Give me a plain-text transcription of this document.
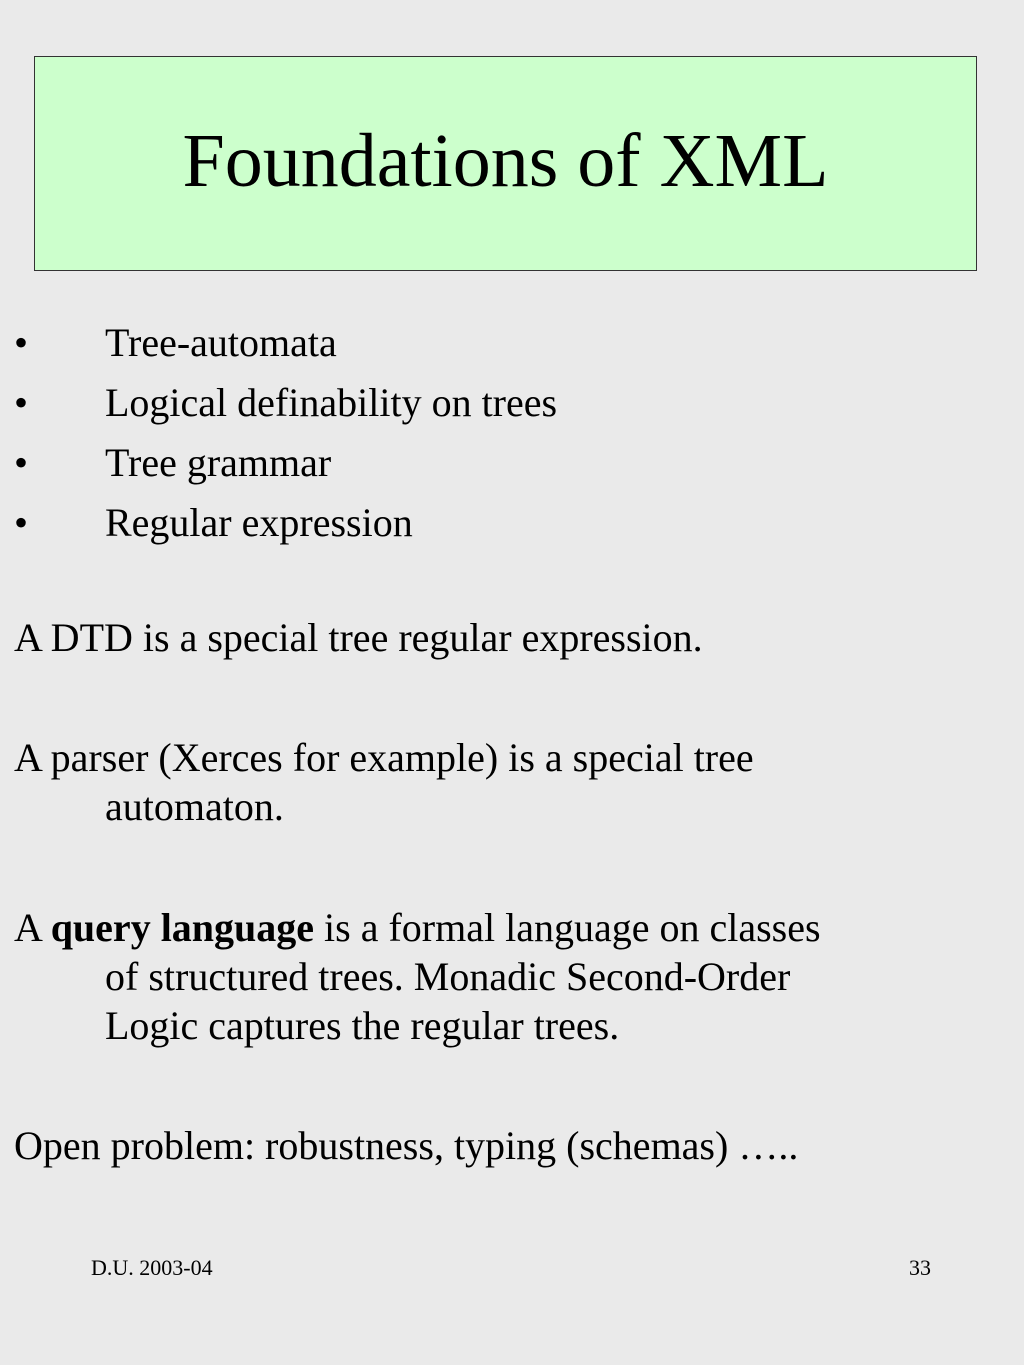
Foundations of XML
• Tree-automata
• Logical definability on trees
• Tree grammar
• Regular expression

A DTD is a special tree regular expression.

A parser (Xerces for example) is a special tree
automaton.

A query language is a formal language on classes
of structured trees. Monadic Second-Order
Logic captures the regular trees.

Open problem: robustness, typing (schemas) …..

D.U. 2003-04	33
